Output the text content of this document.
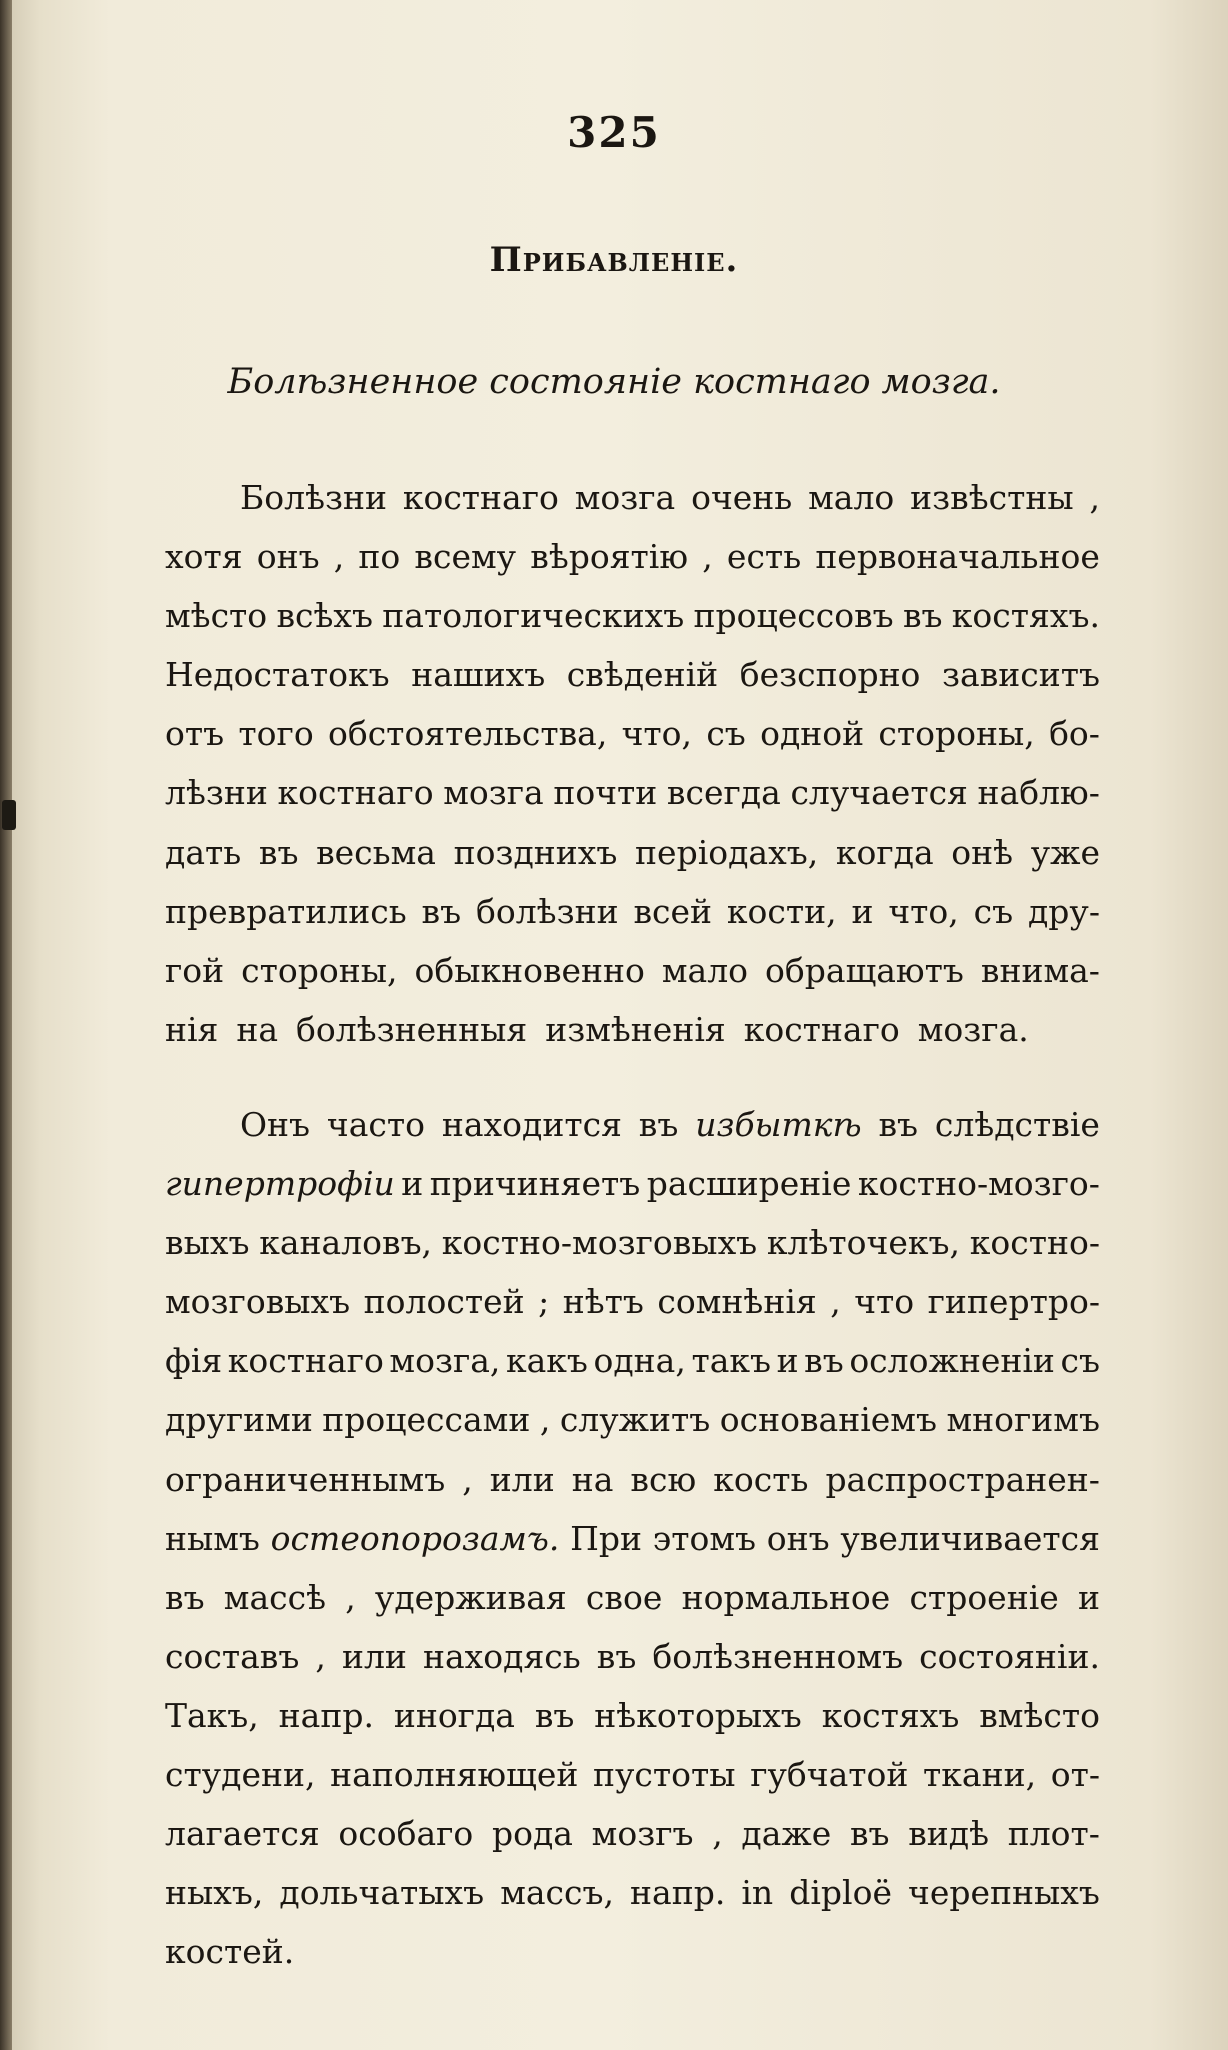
325
Прибавленіе.
Болѣзненное состояніе костнаго мозга.
Болѣзни костнаго мозга очень мало извѣстны ,
хотя онъ , по всему вѣроятію , есть первоначальное
мѣсто всѣхъ патологическихъ процессовъ въ костяхъ.
Недостатокъ нашихъ свѣденій безспорно зависитъ
отъ того обстоятельства, что, съ одной стороны, бо-
лѣзни костнаго мозга почти всегда случается наблю-
дать въ весьма позднихъ періодахъ, когда онѣ уже
превратились въ болѣзни всей кости, и что, съ дру-
гой стороны, обыкновенно мало обращаютъ внима-
нія на болѣзненныя измѣненія костнаго мозга.
Онъ часто находится въ избыткѣ въ слѣдствіе
гипертрофіи и причиняетъ расширеніе костно-мозго-
выхъ каналовъ, костно-мозговыхъ клѣточекъ, костно-
мозговыхъ полостей ; нѣтъ сомнѣнія , что гипертро-
фія костнаго мозга, какъ одна, такъ и въ осложненіи съ
другими процессами , служитъ основаніемъ многимъ
ограниченнымъ , или на всю кость распространен-
нымъ остеопорозамъ. При этомъ онъ увеличивается
въ массѣ , удерживая свое нормальное строеніе и
составъ , или находясь въ болѣзненномъ состояніи.
Такъ, напр. иногда въ нѣкоторыхъ костяхъ вмѣсто
студени, наполняющей пустоты губчатой ткани, от-
лагается особаго рода мозгъ , даже въ видѣ плот-
ныхъ, дольчатыхъ массъ, напр. in diploë черепныхъ
костей.
